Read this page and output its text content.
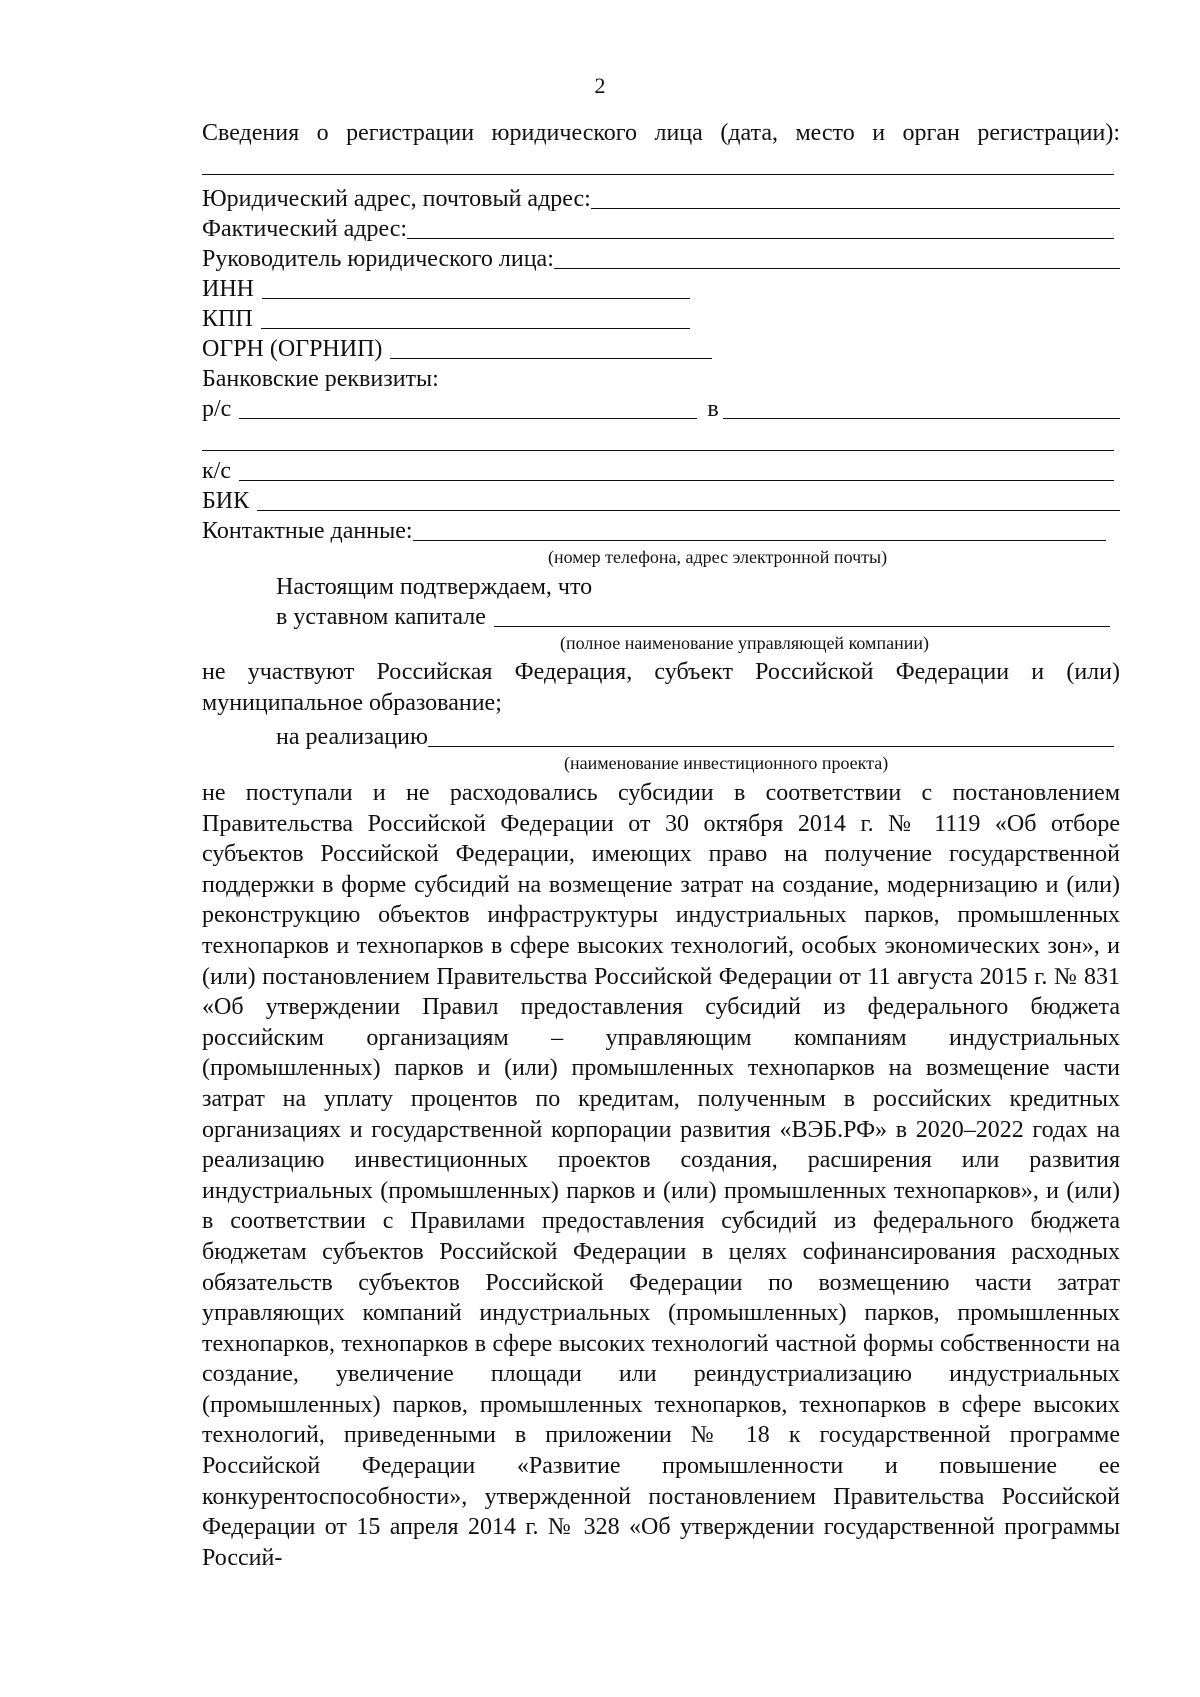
2
Сведения о регистрации юридического лица (дата, место и орган регистрации):
Юридический адрес, почтовый адрес:
Фактический адрес:
Руководитель юридического лица:
ИНН
КПП
ОГРН (ОГРНИП)
Банковские реквизиты:
р/с	в
к/с
БИК
Контактные данные:
(номер телефона, адрес электронной почты)
Настоящим подтверждаем, что
в уставном капитале
(полное наименование управляющей компании)

не участвуют Российская Федерация, субъект Российской Федерации и (или) муниципальное образование;

на реализацию
(наименование инвестиционного проекта)

не поступали и не расходовались субсидии в соответствии с постановлением Правительства Российской Федерации от 30 октября 2014 г. № 1119 «Об отборе субъектов Российской Федерации, имеющих право на получение государственной поддержки в форме субсидий на возмещение затрат на создание, модернизацию и (или) реконструкцию объектов инфраструктуры индустриальных парков, промышленных технопарков и технопарков в сфере высоких технологий, особых экономических зон», и (или) постановлением Правительства Российской Федерации от 11 августа 2015 г. № 831 «Об утверждении Правил предоставления субсидий из федерального бюджета российским организациям – управляющим компаниям индустриальных (промышленных) парков и (или) промышленных технопарков на возмещение части затрат на уплату процентов по кредитам, полученным в российских кредитных организациях и государственной корпорации развития «ВЭБ.РФ» в 2020–2022 годах на реализацию инвестиционных проектов создания, расширения или развития индустриальных (промышленных) парков и (или) промышленных технопарков», и (или) в соответствии с Правилами предоставления субсидий из федерального бюджета бюджетам субъектов Российской Федерации в целях софинансирования расходных обязательств субъектов Российской Федерации по возмещению части затрат управляющих компаний индустриальных (промышленных) парков, промышленных технопарков, технопарков в сфере высоких технологий частной формы собственности на создание, увеличение площади или реиндустриализацию индустриальных (промышленных) парков, промышленных технопарков, технопарков в сфере высоких технологий, приведенными в приложении № 18 к государственной программе Российской Федерации «Развитие промышленности и повышение ее конкурентоспособности», утвержденной постановлением Правительства Российской Федерации от 15 апреля 2014 г. № 328 «Об утверждении государственной программы Россий-
